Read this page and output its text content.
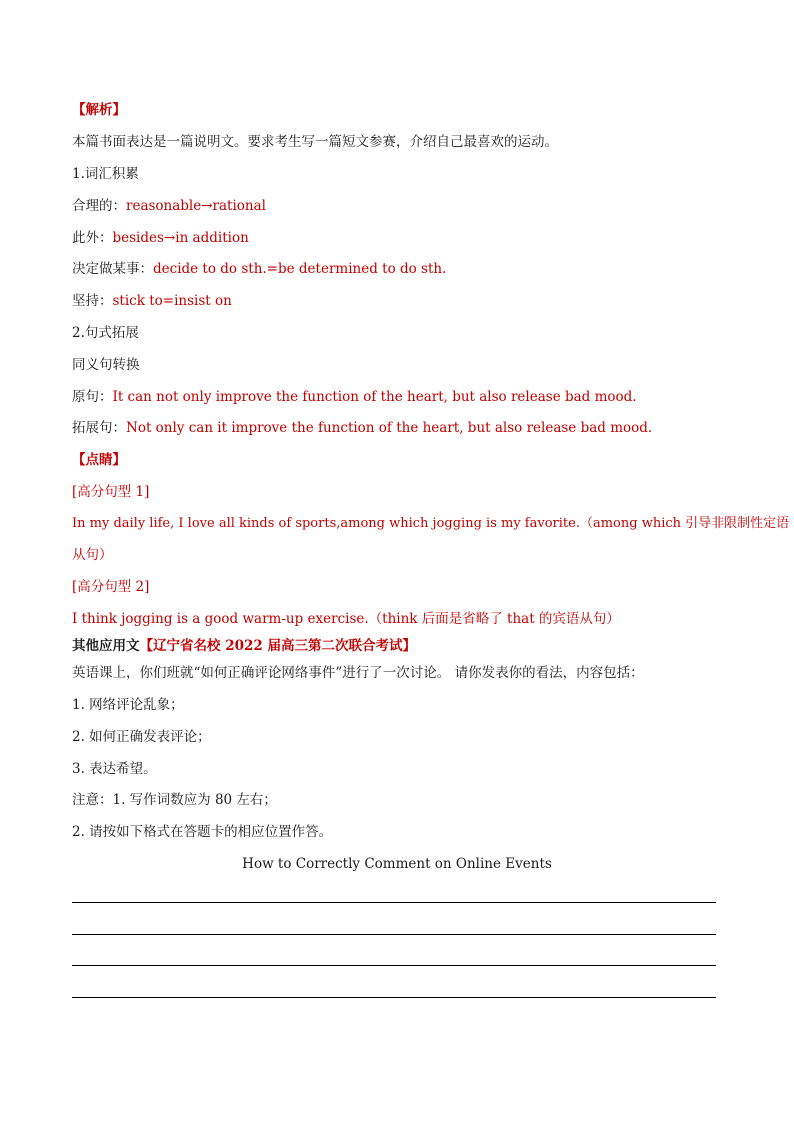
【解析】
本篇书面表达是一篇说明文。要求考生写一篇短文参赛，介绍自己最喜欢的运动。
1.词汇积累
合理的：reasonable→rational
此外：besides→in addition
决定做某事：decide to do sth.=be determined to do sth.
坚持：stick to=insist on
2.句式拓展
同义句转换
原句：It can not only improve the function of the heart, but also release bad mood.
拓展句：Not only can it improve the function of the heart, but also release bad mood.
【点睛】
[高分句型 1]
In my daily life, I love all kinds of sports,among which jogging is my favorite.（among which 引导非限制性定语
从句）
[高分句型 2]
I think jogging is a good warm-up exercise.（think 后面是省略了 that 的宾语从句）
其他应用文【辽宁省名校 2022 届高三第二次联合考试】
英语课上，你们班就“如何正确评论网络事件”进行了一次讨论。 请你发表你的看法，内容包括：
1. 网络评论乱象；
2. 如何正确发表评论；
3. 表达希望。
注意：1. 写作词数应为 80 左右；
2. 请按如下格式在答题卡的相应位置作答。
How to Correctly Comment on Online Events
